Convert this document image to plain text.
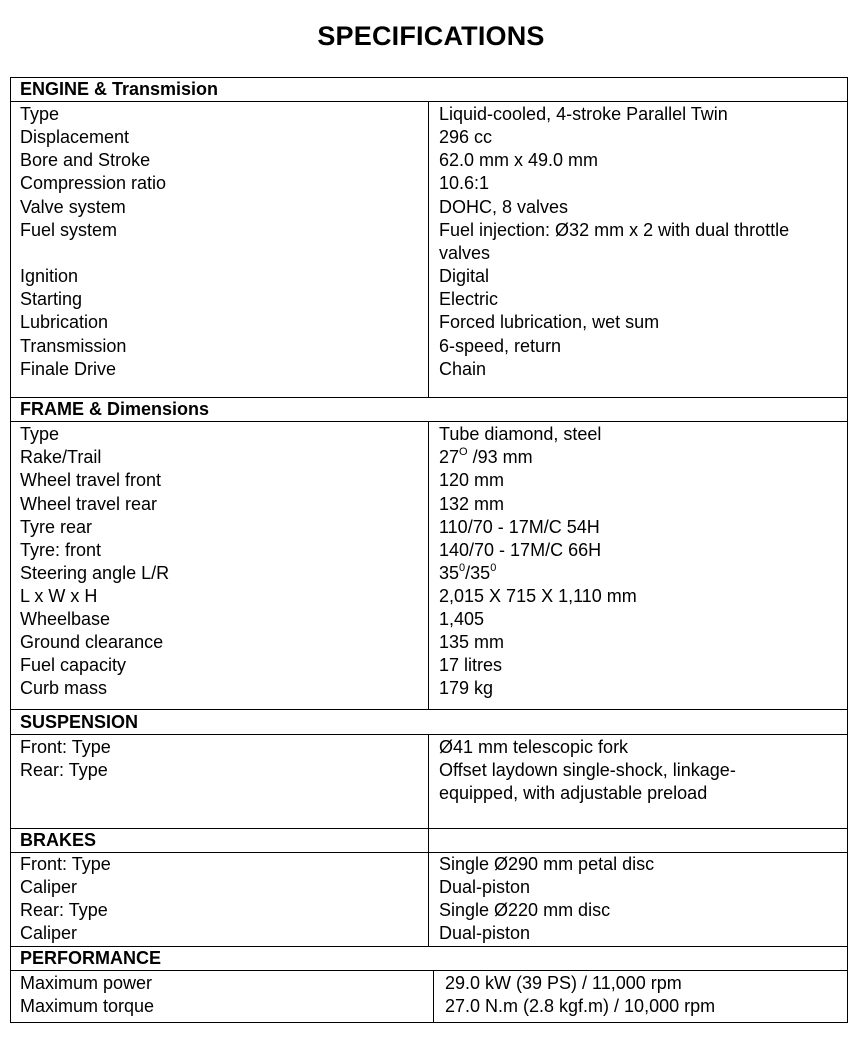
SPECIFICATIONS
ENGINE & Transmision
Type	Liquid-cooled, 4-stroke Parallel Twin
Displacement	296 cc
Bore and Stroke	62.0 mm x 49.0 mm
Compression ratio	10.6:1
Valve system	DOHC, 8 valves
Fuel system	Fuel injection: Ø32 mm x 2 with dual throttle valves
Ignition	Digital
Starting	Electric
Lubrication	Forced lubrication, wet sum
Transmission	6-speed, return
Finale Drive	Chain
FRAME & Dimensions
Type	Tube diamond, steel
Rake/Trail	$27^O$ /93 mm
Wheel travel front	120 mm
Wheel travel rear	132 mm
Tyre rear	110/70 - 17M/C 54H
Tyre: front	140/70 - 17M/C 66H
Steering angle L/R	$35^0/35^0$
L x W x H	2,015 X 715 X 1,110 mm
Wheelbase	1,405
Ground clearance	135 mm
Fuel capacity	17 litres
Curb mass	179 kg
SUSPENSION
Front: Type	Ø41 mm telescopic fork
Rear: Type	Offset laydown single-shock, linkage-equipped, with adjustable preload
BRAKES
Front: Type	Single Ø290 mm petal disc
Caliper	Dual-piston
Rear: Type	Single Ø220 mm disc
Caliper	Dual-piston
PERFORMANCE
Maximum power	29.0 kW (39 PS) / 11,000 rpm
Maximum torque	27.0 N.m (2.8 kgf.m) / 10,000 rpm
